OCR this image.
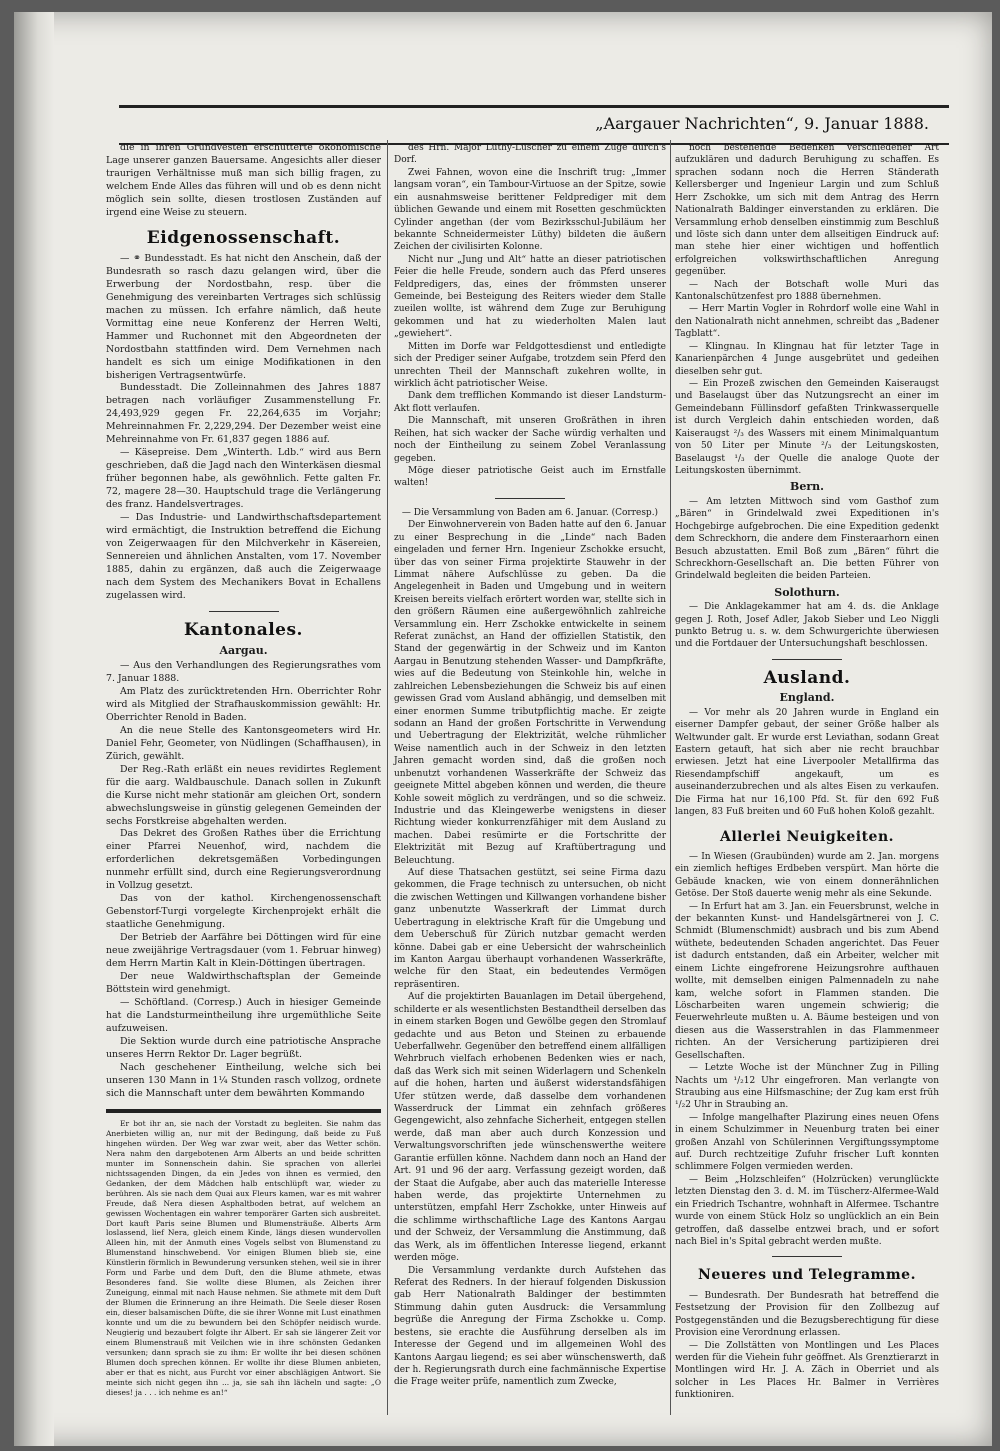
„Aargauer Nachrichten“, 9. Januar 1888.

die in ihren Grundvesten erschütterte ökonomische Lage unserer ganzen Bauersame. Angesichts aller dieser traurigen Verhältnisse muß man sich billig fragen, zu welchem Ende Alles das führen will und ob es denn nicht möglich sein sollte, diesen trostlosen Zuständen auf irgend eine Weise zu steuern.

Eidgenossenschaft.

— ⚭ Bundesstadt. Es hat nicht den Anschein, daß der Bundesrath so rasch dazu gelangen wird, über die Erwerbung der Nordostbahn, resp. über die Genehmigung des vereinbarten Vertrages sich schlüssig machen zu müssen. Ich erfahre nämlich, daß heute Vormittag eine neue Konferenz der Herren Welti, Hammer und Ruchonnet mit den Abgeordneten der Nordostbahn stattfinden wird. Dem Vernehmen nach handelt es sich um einige Modifikationen in den bisherigen Vertragsentwürfe.

Bundesstadt. Die Zolleinnahmen des Jahres 1887 betragen nach vorläufiger Zusammenstellung Fr. 24,493,929 gegen Fr. 22,264,635 im Vorjahr; Mehreinnahmen Fr. 2,229,294. Der Dezember weist eine Mehreinnahme von Fr. 61,837 gegen 1886 auf.

— Käsepreise. Dem „Winterth. Ldb.“ wird aus Bern geschrieben, daß die Jagd nach den Winterkäsen diesmal früher begonnen habe, als gewöhnlich. Fette galten Fr. 72, magere 28—30. Hauptschuld trage die Verlängerung des franz. Handelsvertrages.

— Das Industrie- und Landwirthschaftsdepartement wird ermächtigt, die Instruktion betreffend die Eichung von Zeigerwaagen für den Milchverkehr in Käsereien, Sennereien und ähnlichen Anstalten, vom 17. November 1885, dahin zu ergänzen, daß auch die Zeigerwaage nach dem System des Mechanikers Bovat in Echallens zugelassen wird.

Kantonales.
Aargau.

— Aus den Verhandlungen des Regierungsrathes vom 7. Januar 1888.

Am Platz des zurücktretenden Hrn. Oberrichter Rohr wird als Mitglied der Strafhauskommission gewählt: Hr. Oberrichter Renold in Baden.

An die neue Stelle des Kantonsgeometers wird Hr. Daniel Fehr, Geometer, von Nüdlingen (Schaffhausen), in Zürich, gewählt.

Der Reg.-Rath erläßt ein neues revidirtes Reglement für die aarg. Waldbauschule. Danach sollen in Zukunft die Kurse nicht mehr stationär am gleichen Ort, sondern abwechslungsweise in günstig gelegenen Gemeinden der sechs Forstkreise abgehalten werden.

Das Dekret des Großen Rathes über die Errichtung einer Pfarrei Neuenhof, wird, nachdem die erforderlichen dekretsgemäßen Vorbedingungen nunmehr erfüllt sind, durch eine Regierungsverordnung in Vollzug gesetzt.

Das von der kathol. Kirchengenossenschaft Gebenstorf-Turgi vorgelegte Kirchenprojekt erhält die staatliche Genehmigung.

Der Betrieb der Aarfähre bei Döttingen wird für eine neue zweijährige Vertragsdauer (vom 1. Februar hinweg) dem Herrn Martin Kalt in Klein-Döttingen übertragen.

Der neue Waldwirthschaftsplan der Gemeinde Böttstein wird genehmigt.

— Schöftland. (Corresp.) Auch in hiesiger Gemeinde hat die Landsturmeintheilung ihre urgemüthliche Seite aufzuweisen.

Die Sektion wurde durch eine patriotische Ansprache unseres Herrn Rektor Dr. Lager begrüßt.

Nach geschehener Eintheilung, welche sich bei unseren 130 Mann in 1¼ Stunden rasch vollzog, ordnete sich die Mannschaft unter dem bewährten Kommando

Er bot ihr an, sie nach der Vorstadt zu begleiten. Sie nahm das Anerbieten willig an, nur mit der Bedingung, daß beide zu Fuß hingehen würden. Der Weg war zwar weit, aber das Wetter schön. Nera nahm den dargebotenen Arm Alberts an und beide schritten munter im Sonnenschein dahin. Sie sprachen von allerlei nichtssagenden Dingen, da ein Jedes von ihnen es vermied, den Gedanken, der dem Mädchen halb entschlüpft war, wieder zu berühren. Als sie nach dem Quai aux Fleurs kamen, war es mit wahrer Freude, daß Nera diesen Asphaltboden betrat, auf welchem an gewissen Wochentagen ein wahrer temporärer Garten sich ausbreitet. Dort kauft Paris seine Blumen und Blumensträuße. Alberts Arm loslassend, lief Nera, gleich einem Kinde, längs diesen wundervollen Alleen hin, mit der Anmuth eines Vogels selbst von Blumenstand zu Blumenstand hinschwebend. Vor einigen Blumen blieb sie, eine Künstlerin förmlich in Bewunderung versunken stehen, weil sie in ihrer Form und Farbe und dem Duft, den die Blume athmete, etwas Besonderes fand. Sie wollte diese Blumen, als Zeichen ihrer Zuneigung, einmal mit nach Hause nehmen. Sie athmete mit dem Duft der Blumen die Erinnerung an ihre Heimath. Die Seele dieser Rosen ein, dieser balsamischen Düfte, die sie ihrer Wonne mit Lust einathmen konnte und um die zu bewundern bei den Schöpfer neidisch wurde. Neugierig und bezaubert folgte ihr Albert. Er sah sie längerer Zeit vor einem Blumenstrauß mit Veilchen wie in ihre schönsten Gedanken versunken; dann sprach sie zu ihm: Er wollte ihr bei diesen schönen Blumen doch sprechen können. Er wollte ihr diese Blumen anbieten, aber er that es nicht, aus Furcht vor einer abschlägigen Antwort. Sie meinte sich nicht gegen ihn ... ja, sie sah ihn lächeln und sagte: „O dieses! ja . . . ich nehme es an!“

des Hrn. Major Lüthy-Lüscher zu einem Zuge durch's Dorf.

Zwei Fahnen, wovon eine die Inschrift trug: „Immer langsam voran“, ein Tambour-Virtuose an der Spitze, sowie ein ausnahmsweise berittener Feldprediger mit dem üblichen Gewande und einem mit Rosetten geschmückten Cylinder angethan (der vom Bezirksschul-Jubiläum her bekannte Schneidermeister Lüthy) bildeten die äußern Zeichen der civilisirten Kolonne.

Nicht nur „Jung und Alt“ hatte an dieser patriotischen Feier die helle Freude, sondern auch das Pferd unseres Feldpredigers, das, eines der frömmsten unserer Gemeinde, bei Besteigung des Reiters wieder dem Stalle zueilen wollte, ist während dem Zuge zur Beruhigung gekommen und hat zu wiederholten Malen laut „gewiehert“.

Mitten im Dorfe war Feldgottesdienst und entledigte sich der Prediger seiner Aufgabe, trotzdem sein Pferd den unrechten Theil der Mannschaft zukehren wollte, in wirklich ächt patriotischer Weise.

Dank dem trefflichen Kommando ist dieser Landsturm-Akt flott verlaufen.

Die Mannschaft, mit unseren Großräthen in ihren Reihen, hat sich wacker der Sache würdig verhalten und noch der Eintheilung zu seinem Zobel Veranlassung gegeben.

Möge dieser patriotische Geist auch im Ernstfalle walten!

— Die Versammlung von Baden am 6. Januar. (Corresp.)

Der Einwohnerverein von Baden hatte auf den 6. Januar zu einer Besprechung in die „Linde“ nach Baden eingeladen und ferner Hrn. Ingenieur Zschokke ersucht, über das von seiner Firma projektirte Stauwehr in der Limmat nähere Aufschlüsse zu geben. Da die Angelegenheit in Baden und Umgebung und in weitern Kreisen bereits vielfach erörtert worden war, stellte sich in den größern Räumen eine außergewöhnlich zahlreiche Versammlung ein. Herr Zschokke entwickelte in seinem Referat zunächst, an Hand der offiziellen Statistik, den Stand der gegenwärtig in der Schweiz und im Kanton Aargau in Benutzung stehenden Wasser- und Dampfkräfte, wies auf die Bedeutung von Steinkohle hin, welche in zahlreichen Lebensbeziehungen die Schweiz bis auf einen gewissen Grad vom Ausland abhängig, und demselben mit einer enormen Summe tributpflichtig mache. Er zeigte sodann an Hand der großen Fortschritte in Verwendung und Uebertragung der Elektrizität, welche rühmlicher Weise namentlich auch in der Schweiz in den letzten Jahren gemacht worden sind, daß die großen noch unbenutzt vorhandenen Wasserkräfte der Schweiz das geeignete Mittel abgeben können und werden, die theure Kohle soweit möglich zu verdrängen, und so die schweiz. Industrie und das Kleingewerbe wenigstens in dieser Richtung wieder konkurrenzfähiger mit dem Ausland zu machen. Dabei resümirte er die Fortschritte der Elektrizität mit Bezug auf Kraftübertragung und Beleuchtung.

Auf diese Thatsachen gestützt, sei seine Firma dazu gekommen, die Frage technisch zu untersuchen, ob nicht die zwischen Wettingen und Killwangen vorhandene bisher ganz unbenutzte Wasserkraft der Limmat durch Uebertragung in elektrische Kraft für die Umgebung und dem Ueberschuß für Zürich nutzbar gemacht werden könne. Dabei gab er eine Uebersicht der wahrscheinlich im Kanton Aargau überhaupt vorhandenen Wasserkräfte, welche für den Staat, ein bedeutendes Vermögen repräsentiren.

Auf die projektirten Bauanlagen im Detail übergehend, schilderte er als wesentlichsten Bestandtheil derselben das in einem starken Bogen und Gewölbe gegen den Stromlauf gedachte und aus Beton und Steinen zu erbauende Ueberfallwehr. Gegenüber den betreffend einem allfälligen Wehrbruch vielfach erhobenen Bedenken wies er nach, daß das Werk sich mit seinen Widerlagern und Schenkeln auf die hohen, harten und äußerst widerstandsfähigen Ufer stützen werde, daß dasselbe dem vorhandenen Wasserdruck der Limmat ein zehnfach größeres Gegengewicht, also zehnfache Sicherheit, entgegen stellen werde, daß man aber auch durch Konzession und Verwaltungsvorschriften jede wünschenswerthe weitere Garantie erfüllen könne. Nachdem dann noch an Hand der Art. 91 und 96 der aarg. Verfassung gezeigt worden, daß der Staat die Aufgabe, aber auch das materielle Interesse haben werde, das projektirte Unternehmen zu unterstützen, empfahl Herr Zschokke, unter Hinweis auf die schlimme wirthschaftliche Lage des Kantons Aargau und der Schweiz, der Versammlung die Anstimmung, daß das Werk, als im öffentlichen Interesse liegend, erkannt werden möge.

Die Versammlung verdankte durch Aufstehen das Referat des Redners. In der hierauf folgenden Diskussion gab Herr Nationalrath Baldinger der bestimmten Stimmung dahin guten Ausdruck: die Versammlung begrüße die Anregung der Firma Zschokke u. Comp. bestens, sie erachte die Ausführung derselben als im Interesse der Gegend und im allgemeinen Wohl des Kantons Aargau liegend; es sei aber wünschenswerth, daß der h. Regierungsrath durch eine fachmännische Expertise die Frage weiter prüfe, namentlich zum Zwecke,

noch bestehende Bedenken verschiedener Art aufzuklären und dadurch Beruhigung zu schaffen. Es sprachen sodann noch die Herren Ständerath Kellersberger und Ingenieur Largin und zum Schluß Herr Zschokke, um sich mit dem Antrag des Herrn Nationalrath Baldinger einverstanden zu erklären. Die Versammlung erhob denselben einstimmig zum Beschluß und löste sich dann unter dem allseitigen Eindruck auf: man stehe hier einer wichtigen und hoffentlich erfolgreichen volkswirthschaftlichen Anregung gegenüber.

— Nach der Botschaft wolle Muri das Kantonalschützenfest pro 1888 übernehmen.

— Herr Martin Vogler in Rohrdorf wolle eine Wahl in den Nationalrath nicht annehmen, schreibt das „Badener Tagblatt“.

— Klingnau. In Klingnau hat für letzter Tage in Kanarienpärchen 4 Junge ausgebrütet und gedeihen dieselben sehr gut.

— Ein Prozeß zwischen den Gemeinden Kaiseraugst und Baselaugst über das Nutzungsrecht an einer im Gemeindebann Füllinsdorf gefaßten Trinkwasserquelle ist durch Vergleich dahin entschieden worden, daß Kaiseraugst ²/₃ des Wassers mit einem Minimalquantum von 50 Liter per Minute ²/₃ der Leitungskosten, Baselaugst ¹/₃ der Quelle die analoge Quote der Leitungskosten übernimmt.

Bern.

— Am letzten Mittwoch sind vom Gasthof zum „Bären“ in Grindelwald zwei Expeditionen in's Hochgebirge aufgebrochen. Die eine Expedition gedenkt dem Schreckhorn, die andere dem Finsteraarhorn einen Besuch abzustatten. Emil Boß zum „Bären“ führt die Schreckhorn-Gesellschaft an. Die betten Führer von Grindelwald begleiten die beiden Parteien.

Solothurn.

— Die Anklagekammer hat am 4. ds. die Anklage gegen J. Roth, Josef Adler, Jakob Sieber und Leo Niggli punkto Betrug u. s. w. dem Schwurgerichte überwiesen und die Fortdauer der Untersuchungshaft beschlossen.

Ausland.
England.

— Vor mehr als 20 Jahren wurde in England ein eiserner Dampfer gebaut, der seiner Größe halber als Weltwunder galt. Er wurde erst Leviathan, sodann Great Eastern getauft, hat sich aber nie recht brauchbar erwiesen. Jetzt hat eine Liverpooler Metallfirma das Riesendampfschiff angekauft, um es auseinanderzubrechen und als altes Eisen zu verkaufen. Die Firma hat nur 16,100 Pfd. St. für den 692 Fuß langen, 83 Fuß breiten und 60 Fuß hohen Koloß gezahlt.

Allerlei Neuigkeiten.

— In Wiesen (Graubünden) wurde am 2. Jan. morgens ein ziemlich heftiges Erdbeben verspürt. Man hörte die Gebäude knacken, wie von einem donnerähnlichen Getöse. Der Stoß dauerte wenig mehr als eine Sekunde.

— In Erfurt hat am 3. Jan. ein Feuersbrunst, welche in der bekannten Kunst- und Handelsgärtnerei von J. C. Schmidt (Blumenschmidt) ausbrach und bis zum Abend wüthete, bedeutenden Schaden angerichtet. Das Feuer ist dadurch entstanden, daß ein Arbeiter, welcher mit einem Lichte eingefrorene Heizungsrohre aufthauen wollte, mit demselben einigen Palmennadeln zu nahe kam, welche sofort in Flammen standen. Die Löscharbeiten waren ungemein schwierig; die Feuerwehrleute mußten u. A. Bäume besteigen und von diesen aus die Wasserstrahlen in das Flammenmeer richten. An der Versicherung partizipieren drei Gesellschaften.

— Letzte Woche ist der Münchner Zug in Pilling Nachts um ¹/₂12 Uhr eingefroren. Man verlangte von Straubing aus eine Hilfsmaschine; der Zug kam erst früh ¹/₂2 Uhr in Straubing an.

— Infolge mangelhafter Plazirung eines neuen Ofens in einem Schulzimmer in Neuenburg traten bei einer großen Anzahl von Schülerinnen Vergiftungssymptome auf. Durch rechtzeitige Zufuhr frischer Luft konnten schlimmere Folgen vermieden werden.

— Beim „Holzschleifen“ (Holzrücken) verunglückte letzten Dienstag den 3. d. M. im Tüscherz-Alfermee-Wald ein Friedrich Tschantre, wohnhaft in Alfermee. Tschantre wurde von einem Stück Holz so unglücklich an ein Bein getroffen, daß dasselbe entzwei brach, und er sofort nach Biel in's Spital gebracht werden mußte.

Neueres und Telegramme.

— Bundesrath. Der Bundesrath hat betreffend die Festsetzung der Provision für den Zollbezug auf Postgegenständen und die Bezugsberechtigung für diese Provision eine Verordnung erlassen.

— Die Zollstätten von Montlingen und Les Places werden für die Viehein fuhr geöffnet. Als Grenztierarzt in Montlingen wird Hr. J. A. Zäch in Oberriet und als solcher in Les Places Hr. Balmer in Verrières funktioniren.
